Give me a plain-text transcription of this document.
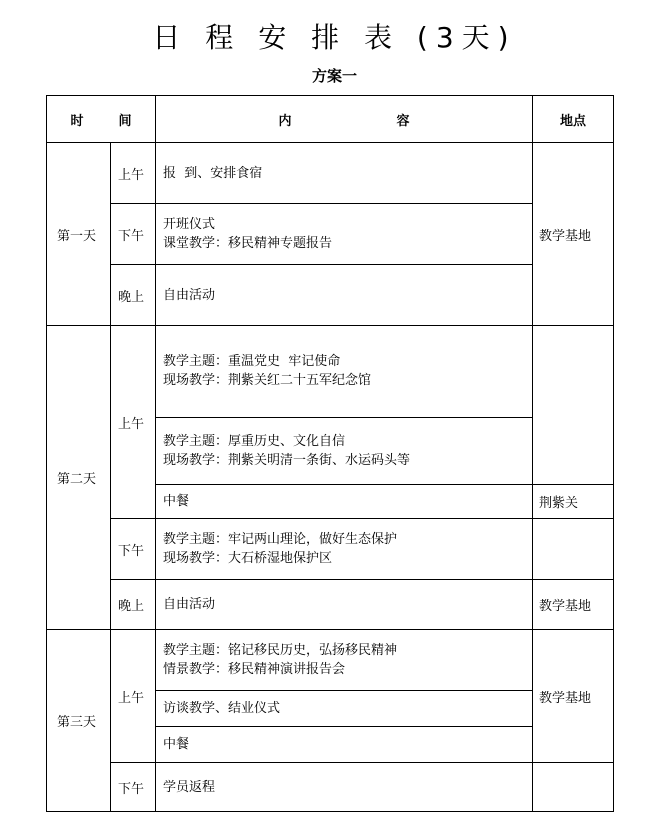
日 程 安 排 表 (3天)
方案一
时 间		内 容	地点
第一天	上午	报  到、安排食宿	教学基地
	下午	开班仪式
课堂教学：移民精神专题报告	

	晚上	自由活动	

第二天	上午	教学主题：重温党史  牢记使命
现场教学：荆紫关红二十五军纪念馆	

		教学主题：厚重历史、文化自信
现场教学：荆紫关明清一条街、水运码头等	

		中餐	荆紫关
	下午	教学主题：牢记两山理论，做好生态保护
现场教学：大石桥湿地保护区	

	晚上	自由活动	教学基地
第三天	上午	教学主题：铭记移民历史，弘扬移民精神
情景教学：移民精神演讲报告会	教学基地

		访谈教学、结业仪式	

		中餐	

	下午	学员返程	
